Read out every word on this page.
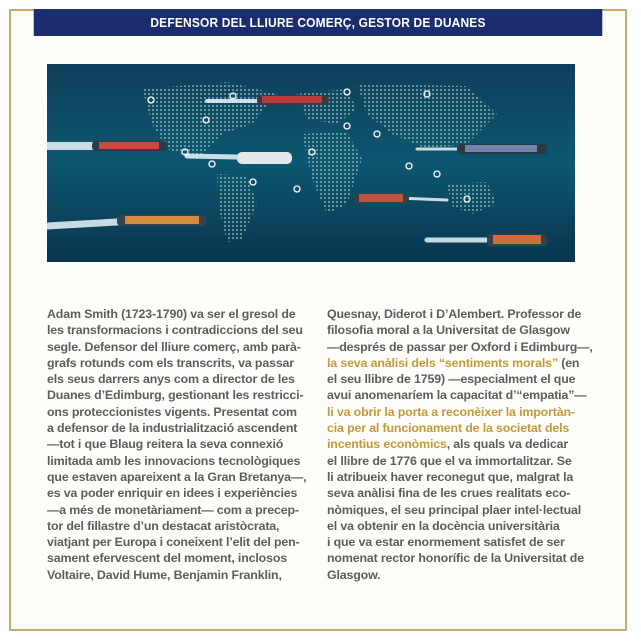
DEFENSOR DEL LLIURE COMERÇ, GESTOR DE DUANES
Adam Smith (1723-1790) va ser el gresol de
les transformacions i contradiccions del seu
segle. Defensor del lliure comerç, amb parà-
grafs rotunds com els transcrits, va passar
els seus darrers anys com a director de les
Duanes d’Edimburg, gestionant les restricci-
ons proteccionistes vigents. Presentat com
a defensor de la industrialització ascendent
—tot i que Blaug reitera la seva connexió
limitada amb les innovacions tecnològiques
que estaven apareixent a la Gran Bretanya—,
es va poder enriquir en idees i experiències
—a més de monetàriament— com a precep-
tor del fillastre d’un destacat aristòcrata,
viatjant per Europa i coneixent l’elit del pen-
sament efervescent del moment, inclosos
Voltaire, David Hume, Benjamin Franklin,
Quesnay, Diderot i D’Alembert. Professor de
filosofia moral a la Universitat de Glasgow
—després de passar per Oxford i Edimburg—,
la seva anàlisi dels “sentiments morals” (en
el seu llibre de 1759) —especialment el que
avui anomenaríem la capacitat d’“empatia”—
li va obrir la porta a reconèixer la importàn-
cia per al funcionament de la societat dels
incentius econòmics, als quals va dedicar
el llibre de 1776 que el va immortalitzar. Se
li atribueix haver reconegut que, malgrat la
seva anàlisi fina de les crues realitats eco-
nòmiques, el seu principal plaer intel·lectual
el va obtenir en la docència universitària
i que va estar enormement satisfet de ser
nomenat rector honorífic de la Universitat de
Glasgow.
